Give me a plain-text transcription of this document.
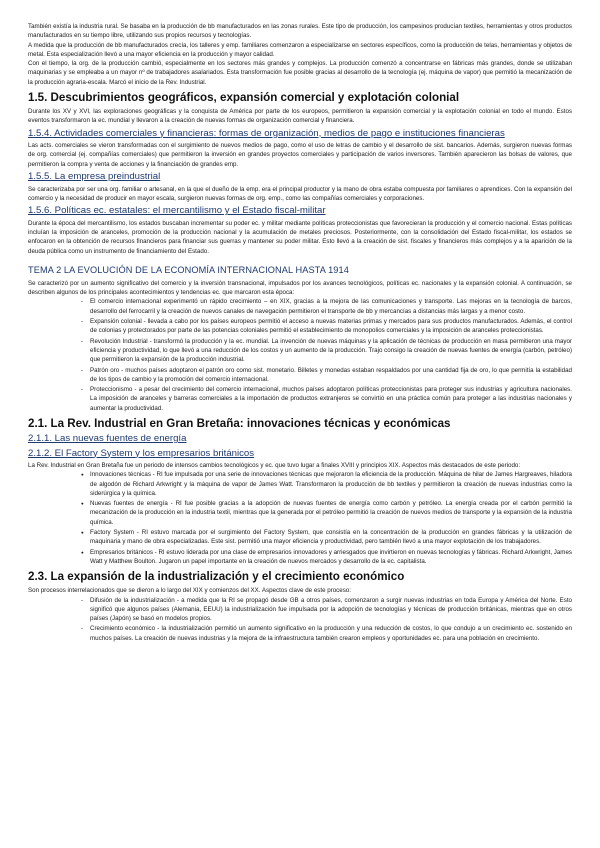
También existía la industria rural. Se basaba en la producción de bb manufacturados en las zonas rurales. Este tipo de producción, los campesinos producían textiles, herramientas y otros productos manufacturados en su tiempo libre, utilizando sus propios recursos y tecnologías.

A medida que la producción de bb manufacturados crecía, los talleres y emp. familiares comenzaron a especializarse en sectores específicos, como la producción de telas, herramientas y objetos de metal. Esta especialización llevó a una mayor eficiencia en la producción y mayor calidad.

Con el tiempo, la org. de la producción cambió, especialmente en los sectores más grandes y complejos. La producción comenzó a concentrarse en fábricas más grandes, donde se utilizaban maquinarias y se empleaba a un mayor nº de trabajadores asalariados. Esta transformación fue posible gracias al desarrollo de la tecnología (ej. máquina de vapor) que permitió la mecanización de la producción agraria-escala. Marcó el inicio de la Rev. Industrial.

1.5. Descubrimientos geográficos, expansión comercial y explotación colonial

Durante los XV y XVI, las exploraciones geográficas y la conquista de América por parte de los europeos, permitieron la expansión comercial y la explotación colonial en todo el mundo. Estos eventos transformaron la ec. mundial y llevaron a la creación de nuevas formas de organización comercial y financiera.

1.5.4. Actividades comerciales y financieras: formas de organización, medios de pago e instituciones financieras

Las acts. comerciales se vieron transformadas con el surgimiento de nuevos medios de pago, como el uso de letras de cambio y el desarrollo de sist. bancarios. Además, surgieron nuevas formas de org. comercial (ej. compañías comerciales) que permitieron la inversión en grandes proyectos comerciales y participación de varios inversores. También aparecieron las bolsas de valores, que permitieron la compra y venta de acciones y la financiación de grandes emp.

1.5.5. La empresa preindustrial

Se caracterizaba por ser una org. familiar o artesanal, en la que el dueño de la emp. era el principal productor y la mano de obra estaba compuesta por familiares o aprendices. Con la expansión del comercio y la necesidad de producir en mayor escala, surgieron nuevas formas de org. emp., como las compañías comerciales y corporaciones.

1.5.6. Políticas ec. estatales: el mercantilismo y el Estado fiscal-militar

Durante la época del mercantilismo, los estados buscaban incrementar su poder ec. y militar mediante políticas proteccionistas que favorecieran la producción y el comercio nacional. Estas políticas incluían la imposición de aranceles, promoción de la producción nacional y la acumulación de metales preciosos. Posteriormente, con la consolidación del Estado fiscal-militar, los estados se enfocaron en la obtención de recursos financieros para financiar sus guerras y mantener su poder militar. Esto llevó a la creación de sist. fiscales y financieros más complejos y a la aparición de la deuda pública como un instrumento de financiamiento del Estado.

TEMA 2 LA EVOLUCIÓN DE LA ECONOMÍA INTERNACIONAL HASTA 1914

Se caracterizó por un aumento significativo del comercio y la inversión transnacional, impulsados por los avances tecnológicos, políticas ec. nacionales y la expansión colonial. A continuación, se describen algunos de los principales acontecimientos y tendencias ec. que marcaron esta época:

- El comercio internacional experimentó un rápido crecimiento – en XIX, gracias a la mejora de las comunicaciones y transporte. Las mejoras en la tecnología de barcos, desarrollo del ferrocarril y la creación de nuevos canales de navegación permitieron el transporte de bb y mercancías a distancias más largas y a menor costo.
- Expansión colonial - llevada a cabo por los países europeos permitió el acceso a nuevas materias primas y mercados para sus productos manufacturados. Además, el control de colonias y protectorados por parte de las potencias coloniales permitió el establecimiento de monopolios comerciales y la imposición de aranceles proteccionistas.
- Revolución Industrial - transformó la producción y la ec. mundial. La invención de nuevas máquinas y la aplicación de técnicas de producción en masa permitieron una mayor eficiencia y productividad, lo que llevó a una reducción de los costos y un aumento de la producción. Trajo consigo la creación de nuevas fuentes de energía (carbón, petróleo) que permitieron la expansión de la producción industrial.
- Patrón oro - muchos países adoptaron el patrón oro como sist. monetario. Billetes y monedas estaban respaldados por una cantidad fija de oro, lo que permitía la estabilidad de los tipos de cambio y la promoción del comercio internacional.
- Proteccionismo - a pesar del crecimiento del comercio internacional, muchos países adoptaron políticas proteccionistas para proteger sus industrias y agricultura nacionales. La imposición de aranceles y barreras comerciales a la importación de productos extranjeros se convirtió en una práctica común para proteger a las industrias nacionales y aumentar la productividad.
2.1. La Rev. Industrial en Gran Bretaña: innovaciones técnicas y económicas
2.1.1. Las nuevas fuentes de energía
2.1.2. El Factory System y los empresarios británicos

La Rev. Industrial en Gran Bretaña fue un periodo de intensos cambios tecnológicos y ec. que tuvo lugar a finales XVIII y principios XIX. Aspectos más destacados de este periodo:

● Innovaciones técnicas - RI fue impulsada por una serie de innovaciones técnicas que mejoraron la eficiencia de la producción. Máquina de hilar de James Hargreaves, hiladora de algodón de Richard Arkwright y la máquina de vapor de James Watt. Transformaron la producción de bb textiles y permitieron la creación de nuevas industrias como la siderúrgica y la química.
● Nuevas fuentes de energía - RI fue posible gracias a la adopción de nuevas fuentes de energía como carbón y petróleo. La energía creada por el carbón permitió la mecanización de la producción en la industria textil, mientras que la generada por el petróleo permitió la creación de nuevos medios de transporte y la expansión de la industria química.
● Factory System - RI estuvo marcada por el surgimiento del Factory System, que consistía en la concentración de la producción en grandes fábricas y la utilización de maquinaria y mano de obra especializadas. Este sist. permitió una mayor eficiencia y productividad, pero también llevó a una mayor explotación de los trabajadores.
● Empresarios británicos - RI estuvo liderada por una clase de empresarios innovadores y arriesgados que invirtieron en nuevas tecnologías y fábricas. Richard Arkwright, James Watt y Matthew Boulton. Jugaron un papel importante en la creación de nuevos mercados y desarrollo de la ec. capitalista.
2.3. La expansión de la industrialización y el crecimiento económico

Son procesos interrelacionados que se dieron a lo largo del XIX y comienzos del XX. Aspectos clave de este proceso:

- Difusión de la industrialización - a medida que la RI se propagó desde GB a otros países, comenzaron a surgir nuevas industrias en toda Europa y América del Norte. Esto significó que algunos países (Alemania, EEUU) la industrialización fue impulsada por la adopción de tecnologías y técnicas de producción británicas, mientras que en otros países (Japón) se basó en modelos propios.
- Crecimiento económico - la industrialización permitió un aumento significativo en la producción y una reducción de costos, lo que condujo a un crecimiento ec. sostenido en muchos países. La creación de nuevas industrias y la mejora de la infraestructura también crearon empleos y oportunidades ec. para una población en crecimiento.
